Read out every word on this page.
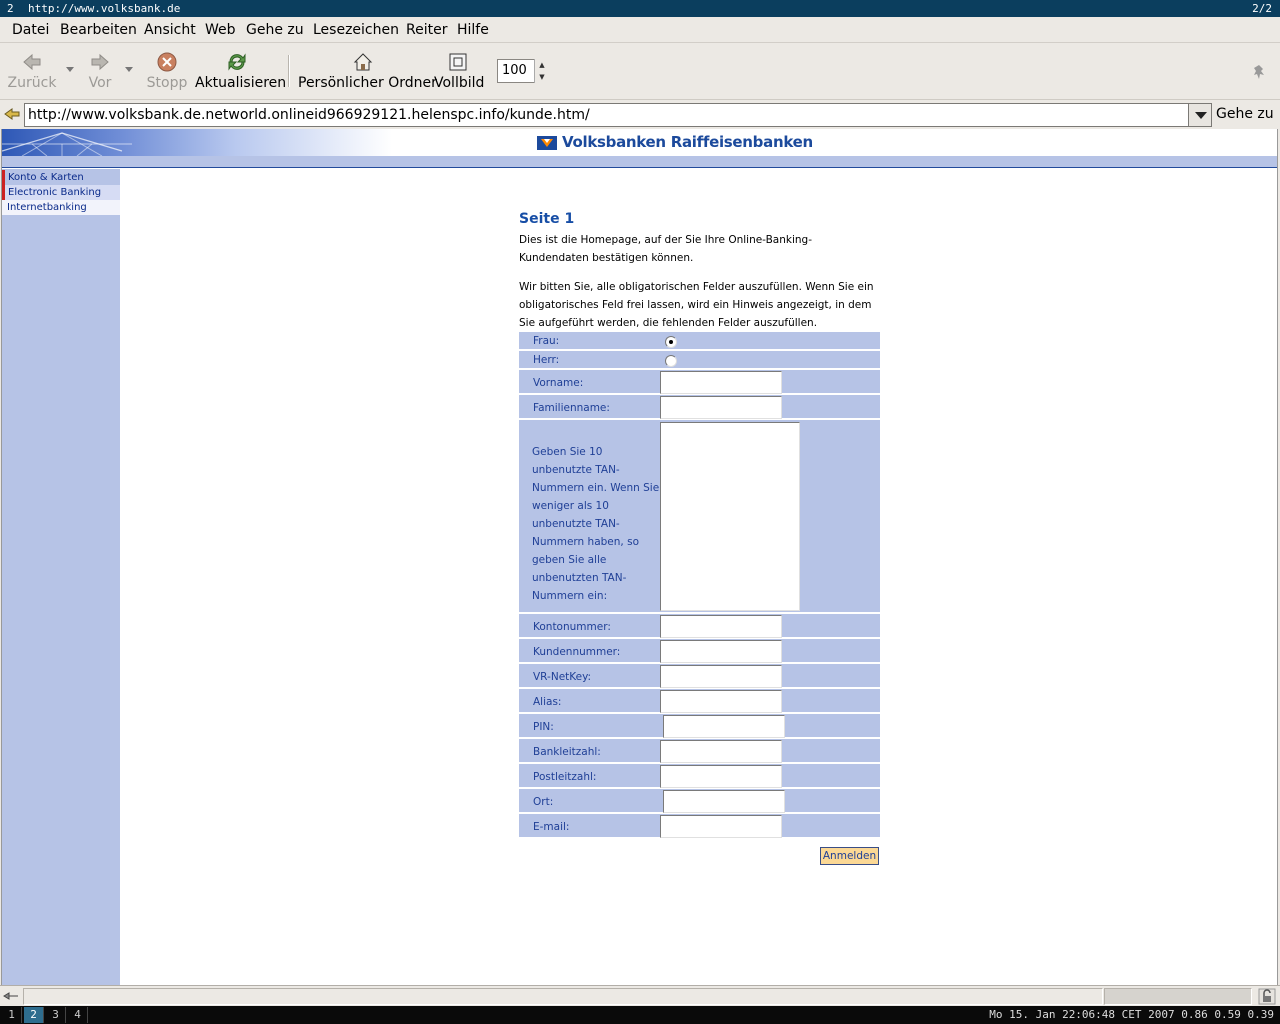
2 http://www.volksbank.de	2/2
Datei Bearbeiten Ansicht Web Gehe zu Lesezeichen Reiter Hilfe
Zurück	Vor	Stopp Aktualisieren Persönlicher Ordner
Vollbild
100	▲
▼
http://www.volksbank.de.networld.onlineid966929121.helenspc.info/kunde.htm/	Gehe zu
Volksbanken Raiffeisenbanken
Konto & Karten
Electronic Banking
Internetbanking
Seite 1
Dies ist die Homepage, auf der Sie Ihre Online-Banking-Kundendaten bestätigen können.
Wir bitten Sie, alle obligatorischen Felder auszufüllen. Wenn Sie ein obligatorisches Feld frei lassen, wird ein Hinweis angezeigt, in dem Sie aufgeführt werden, die fehlenden Felder auszufüllen.
Frau:
Herr:
Vorname:
Familienname:
Geben Sie 10 unbenutzte TAN-Nummern ein. Wenn Sie weniger als 10 unbenutzte TAN-Nummern haben, so geben Sie alle unbenutzten TAN-Nummern ein:
Kontonummer:
Kundennummer:
VR-NetKey:
Alias:
PIN:
Bankleitzahl:
Postleitzahl:
Ort:
E-mail:
Anmelden
1	2	3	4	Mo 15. Jan 22:06:48 CET 2007 0.86 0.59 0.39
